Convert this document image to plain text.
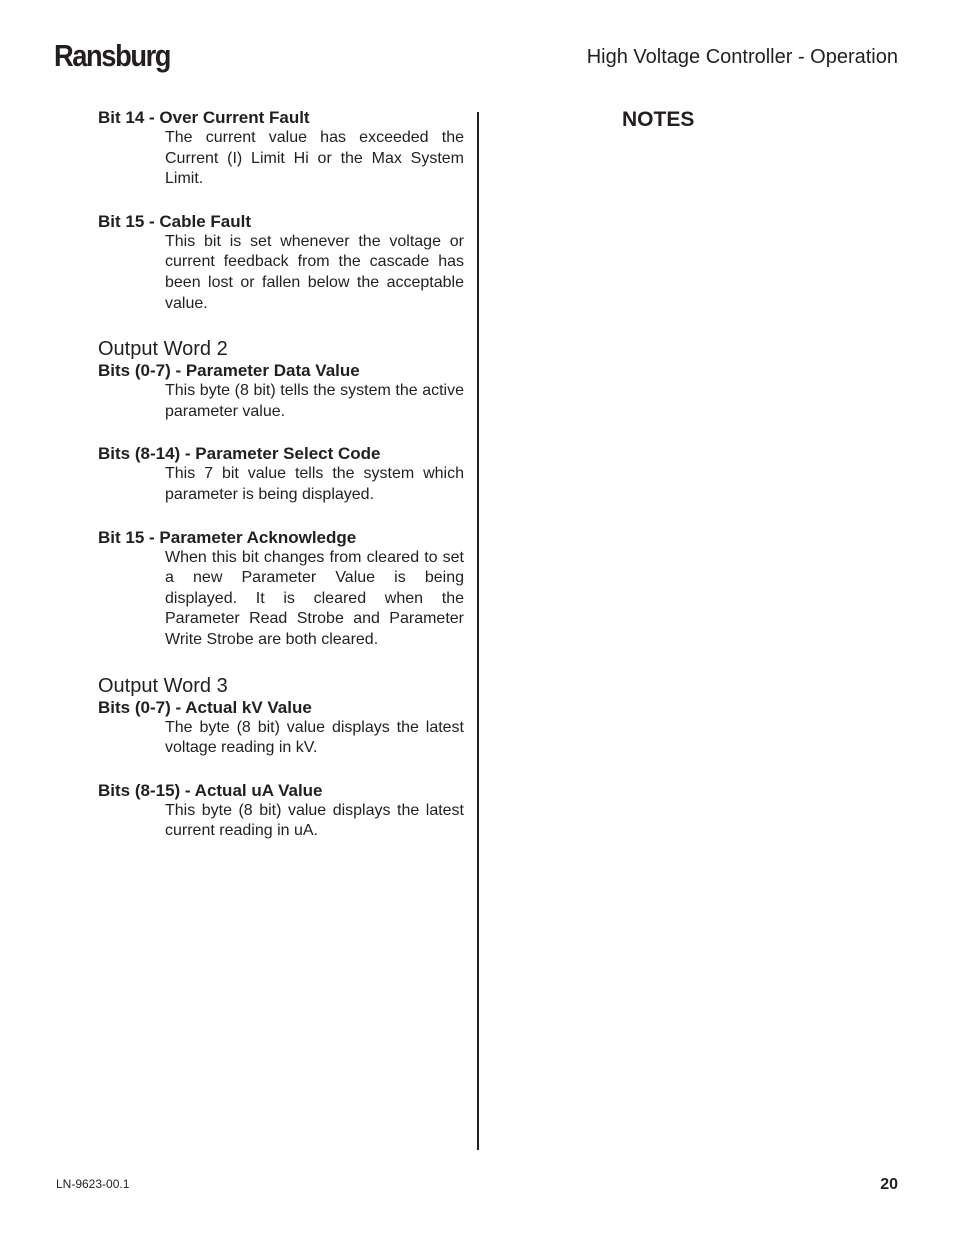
Ransburg	High Voltage Controller - Operation

Bit 14 - Over Current Fault

The current value has exceeded the Current (I) Limit Hi or the Max System Limit.

Bit 15 - Cable Fault

This bit is set whenever the voltage or current feedback from the cascade has been lost or fallen below the acceptable value.

Output Word 2

Bits (0-7) - Parameter Data Value

This byte (8 bit) tells the system the active parameter value.

Bits (8-14) - Parameter Select Code

This 7 bit value tells the system which parameter is being displayed.

Bit 15 - Parameter Acknowledge

When this bit changes from cleared to set a new Parameter Value is being displayed. It is cleared when the Parameter Read Strobe and Parameter Write Strobe are both cleared.

Output Word 3

Bits (0-7) - Actual kV Value

The byte (8 bit) value displays the latest voltage reading in kV.

Bits (8-15) - Actual uA Value

This byte (8 bit) value displays the latest current reading in uA.

NOTES
LN-9623-00.1	20
